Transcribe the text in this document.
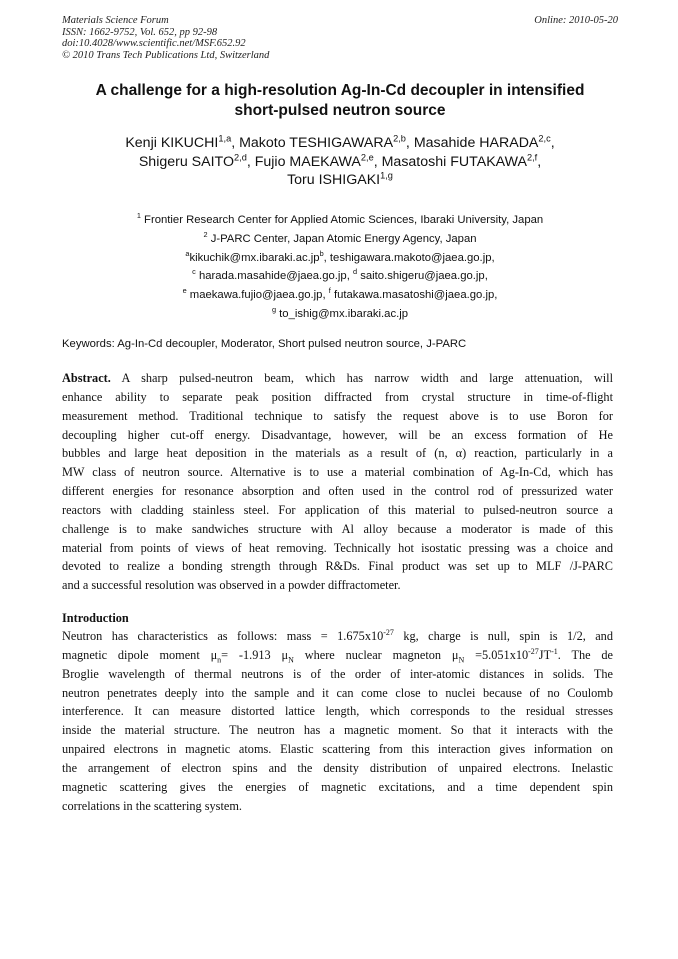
Materials Science Forum
ISSN: 1662-9752, Vol. 652, pp 92-98
doi:10.4028/www.scientific.net/MSF.652.92
© 2010 Trans Tech Publications Ltd, Switzerland
Online: 2010-05-20
A challenge for a high-resolution Ag-In-Cd decoupler in intensified
short-pulsed neutron source
Kenji KIKUCHI$^{1,a}$, Makoto TESHIGAWARA$^{2,b}$, Masahide HARADA$^{2,c}$,
Shigeru SAITO$^{2,d}$, Fujio MAEKAWA$^{2,e}$, Masatoshi FUTAKAWA$^{2,f}$,
Toru ISHIGAKI$^{1,g}$
$^1$ Frontier Research Center for Applied Atomic Sciences, Ibaraki University, Japan
$^2$ J-PARC Center, Japan Atomic Energy Agency, Japan
$^akikuchik@mx.ibaraki.ac.jp^b$, teshigawara.makoto@jaea.go.jp,
$^c$ harada.masahide@jaea.go.jp, $^d$ saito.shigeru@jaea.go.jp,
$^e$ maekawa.fujio@jaea.go.jp, $^f$ futakawa.masatoshi@jaea.go.jp,
$^g$ to_ishig@mx.ibaraki.ac.jp
Keywords: Ag-In-Cd decoupler, Moderator, Short pulsed neutron source, J-PARC
Abstract. A sharp pulsed-neutron beam, which has narrow width and large attenuation, will
enhance ability to separate peak position diffracted from crystal structure in time-of-flight
measurement method. Traditional technique to satisfy the request above is to use Boron for
decoupling higher cut-off energy. Disadvantage, however, will be an excess formation of He
bubbles and large heat deposition in the materials as a result of (n, α) reaction, particularly in a
MW class of neutron source. Alternative is to use a material combination of Ag-In-Cd, which has
different energies for resonance absorption and often used in the control rod of pressurized water
reactors with cladding stainless steel. For application of this material to pulsed-neutron source a
challenge is to make sandwiches structure with Al alloy because a moderator is made of this
material from points of views of heat removing. Technically hot isostatic pressing was a choice and
devoted to realize a bonding strength through R&Ds. Final product was set up to MLF /J-PARC
and a successful resolution was observed in a powder diffractometer.
Introduction
Neutron has characteristics as follows: mass = $1.675x10^{-27}$ kg, charge is null, spin is 1/2, and
magnetic dipole moment $\mu_n= -1.913$ $\mu_N$ where nuclear magneton $\mu_N =5.051x10^{-27}JT^{-1}$. The de
Broglie wavelength of thermal neutrons is of the order of inter-atomic distances in solids. The
neutron penetrates deeply into the sample and it can come close to nuclei because of no Coulomb
interference. It can measure distorted lattice length, which corresponds to the residual stresses
inside the material structure. The neutron has a magnetic moment. So that it interacts with the
unpaired electrons in magnetic atoms. Elastic scattering from this interaction gives information on
the arrangement of electron spins and the density distribution of unpaired electrons. Inelastic
magnetic scattering gives the energies of magnetic excitations, and a time dependent spin
correlations in the scattering system.
